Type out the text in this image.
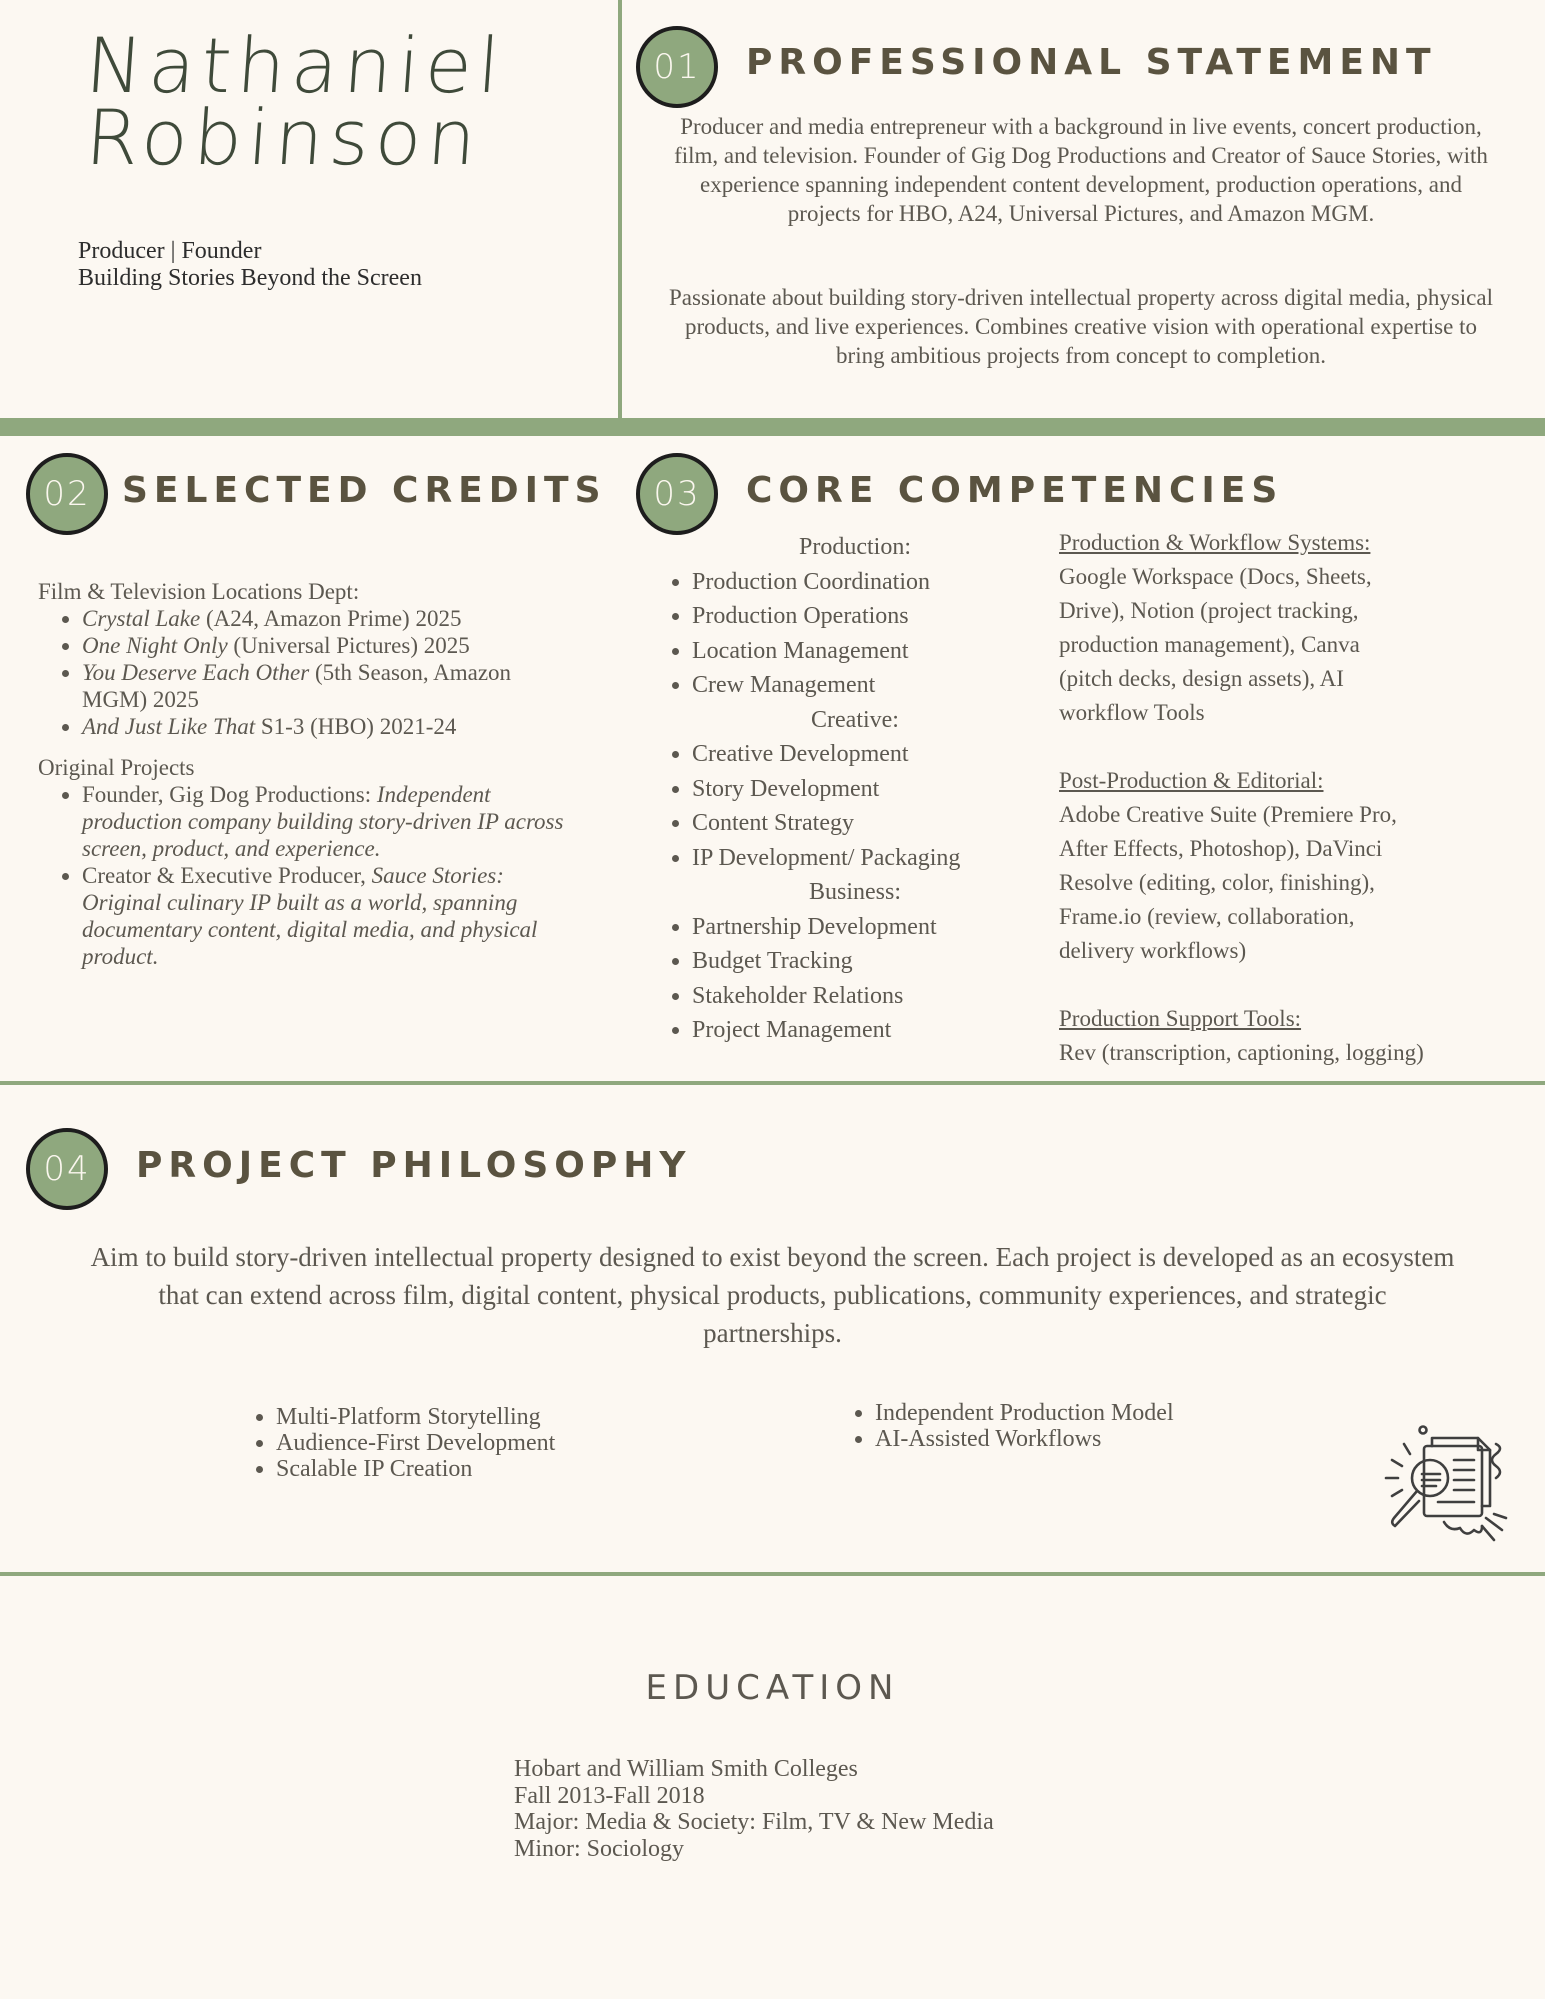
Nathaniel
Robinson
Producer | Founder
Building Stories Beyond the Screen
01	PROFESSIONAL STATEMENT
Producer and media entrepreneur with a background in live events, concert production, film, and television. Founder of Gig Dog Productions and Creator of Sauce Stories, with experience spanning independent content development, production operations, and projects for HBO, A24, Universal Pictures, and Amazon MGM.
Passionate about building story-driven intellectual property across digital media, physical products, and live experiences. Combines creative vision with operational expertise to bring ambitious projects from concept to completion.
02 SELECTED CREDITS
Film & Television Locations Dept:
• Crystal Lake (A24, Amazon Prime) 2025
• One Night Only (Universal Pictures) 2025
• You Deserve Each Other (5th Season, Amazon MGM) 2025
• And Just Like That S1-3 (HBO) 2021-24
Original Projects
• Founder, Gig Dog Productions: Independent production company building story-driven IP across screen, product, and experience.
• Creator & Executive Producer, Sauce Stories: Original culinary IP built as a world, spanning documentary content, digital media, and physical product.
03	CORE COMPETENCIES
Production:
• Production Coordination
• Production Operations
• Location Management
• Crew Management
Creative:
• Creative Development
• Story Development
• Content Strategy
• IP Development/ Packaging
Business:
• Partnership Development
• Budget Tracking
• Stakeholder Relations
• Project Management
Production & Workflow Systems:
Google Workspace (Docs, Sheets,
Drive), Notion (project tracking,
production management), Canva
(pitch decks, design assets), AI
workflow Tools
Post-Production & Editorial:
Adobe Creative Suite (Premiere Pro,
After Effects, Photoshop), DaVinci
Resolve (editing, color, finishing),
Frame.io (review, collaboration,
delivery workflows)
Production Support Tools:
Rev (transcription, captioning, logging)
04	PROJECT PHILOSOPHY
Aim to build story-driven intellectual property designed to exist beyond the screen. Each project is developed as an ecosystem that can extend across film, digital content, physical products, publications, community experiences, and strategic partnerships.
• Multi-Platform Storytelling
• Audience-First Development
• Scalable IP Creation
• Independent Production Model
• AI-Assisted Workflows
EDUCATION
Hobart and William Smith Colleges
Fall 2013-Fall 2018
Major: Media & Society: Film, TV & New Media
Minor: Sociology
